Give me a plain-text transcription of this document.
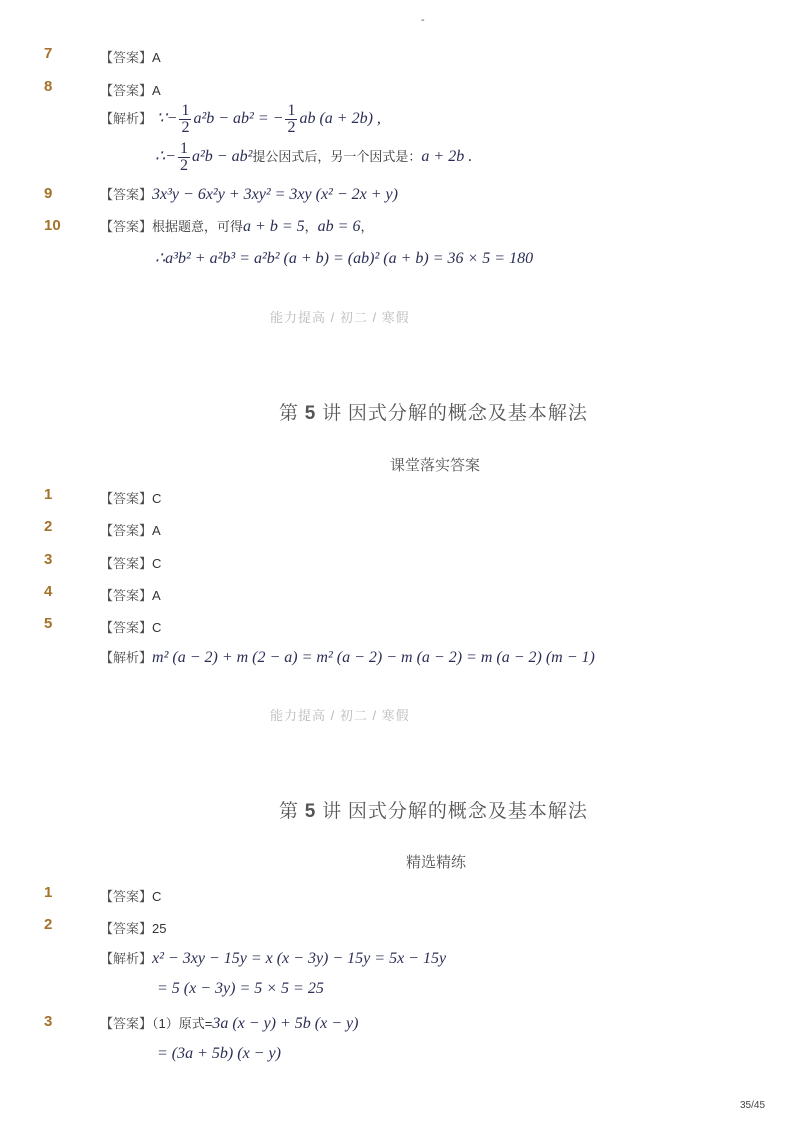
-
7	【答案】A
8	【答案】A
【解析】 ∵− $\frac{1}{2} a^2b - ab^2$ = − $\frac{1}{2}$ ab (a + 2b) ,
∴− $\frac{1}{2} a^2b - ab^2$提公因式后，另一个因式是：a + 2b .
9	【答案】3x³y − 6x²y + 3xy² = 3xy (x² − 2x + y)
10	【答案】根据题意，可得a + b = 5，ab = 6，
∴a³b² + a²b³ = a²b² (a + b) = (ab)² (a + b) = 36 × 5 = 180
能力提高 / 初二 / 寒假
第 5 讲 因式分解的概念及基本解法
课堂落实答案
1	【答案】C
2	【答案】A
3	【答案】C
4	【答案】A
5	【答案】C
【解析】m² (a − 2) + m (2 − a) = m² (a − 2) − m (a − 2) = m (a − 2) (m − 1)
能力提高 / 初二 / 寒假
第 5 讲 因式分解的概念及基本解法
精选精练
1	【答案】C
2	【答案】25
【解析】x² − 3xy − 15y = x (x − 3y) − 15y = 5x − 15y
= 5 (x − 3y) = 5 × 5 = 25
3	【答案】（1）原式=3a (x − y) + 5b (x − y)
= (3a + 5b) (x − y)
35/45
